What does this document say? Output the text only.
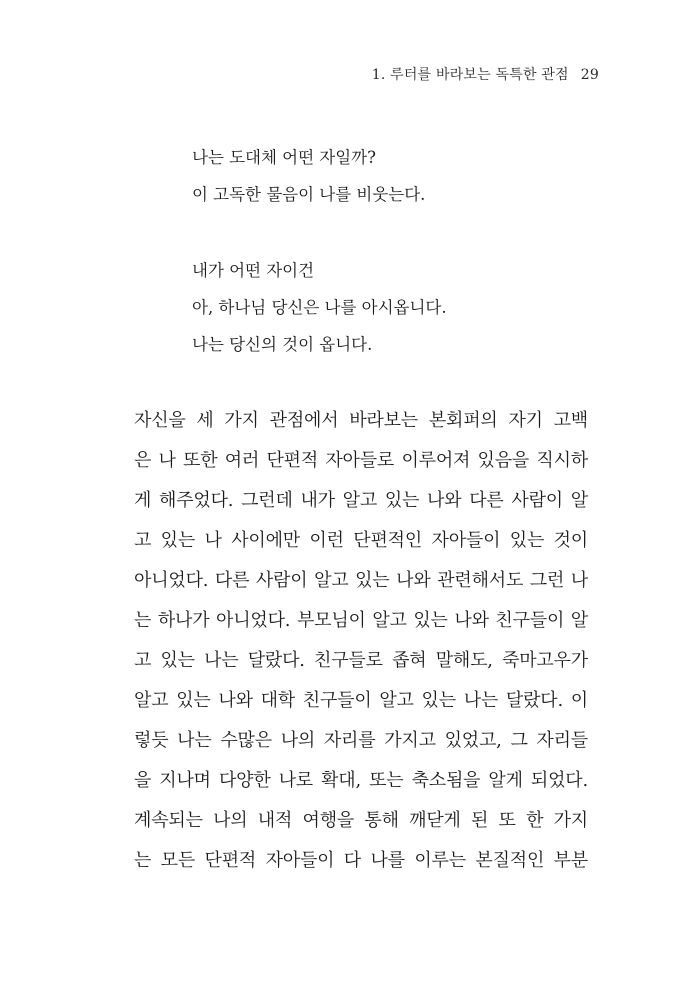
1. 루터를 바라보는 독특한 관점 29
나는 도대체 어떤 자일까?
이 고독한 물음이 나를 비웃는다.
내가 어떤 자이건
아, 하나님 당신은 나를 아시옵니다.
나는 당신의 것이 옵니다.
자신을 세 가지 관점에서 바라보는 본회퍼의 자기 고백
은 나 또한 여러 단편적 자아들로 이루어져 있음을 직시하
게 해주었다. 그런데 내가 알고 있는 나와 다른 사람이 알
고 있는 나 사이에만 이런 단편적인 자아들이 있는 것이
아니었다. 다른 사람이 알고 있는 나와 관련해서도 그런 나
는 하나가 아니었다. 부모님이 알고 있는 나와 친구들이 알
고 있는 나는 달랐다. 친구들로 좁혀 말해도, 죽마고우가
알고 있는 나와 대학 친구들이 알고 있는 나는 달랐다. 이
렇듯 나는 수많은 나의 자리를 가지고 있었고, 그 자리들
을 지나며 다양한 나로 확대, 또는 축소됨을 알게 되었다.
계속되는 나의 내적 여행을 통해 깨닫게 된 또 한 가지
는 모든 단편적 자아들이 다 나를 이루는 본질적인 부분
